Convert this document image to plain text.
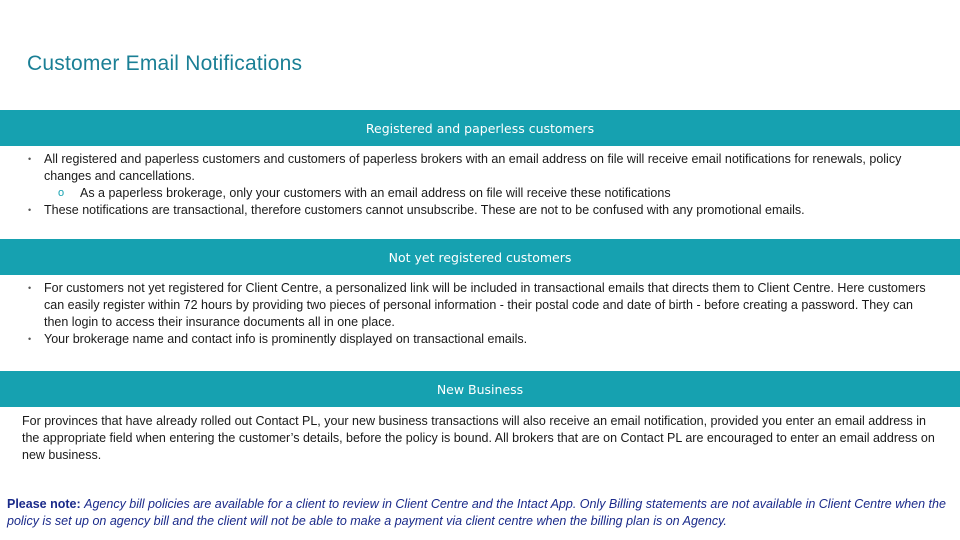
Customer Email Notifications
Registered and paperless customers
• All registered and paperless customers and customers of paperless brokers with an email address on file will receive email notifications for renewals, policy changes and cancellations.
o As a paperless brokerage, only your customers with an email address on file will receive these notifications
• These notifications are transactional, therefore customers cannot unsubscribe. These are not to be confused with any promotional emails.
Not yet registered customers
• For customers not yet registered for Client Centre, a personalized link will be included in transactional emails that directs them to Client Centre. Here customers can easily register within 72 hours by providing two pieces of personal information - their postal code and date of birth - before creating a password. They can then login to access their insurance documents all in one place.
• Your brokerage name and contact info is prominently displayed on transactional emails.
New Business
For provinces that have already rolled out Contact PL, your new business transactions will also receive an email notification, provided you enter an email address in the appropriate field when entering the customer’s details, before the policy is bound. All brokers that are on Contact PL are encouraged to enter an email address on new business.
Please note: Agency bill policies are available for a client to review in Client Centre and the Intact App. Only Billing statements are not available in Client Centre when the policy is set up on agency bill and the client will not be able to make a payment via client centre when the billing plan is on Agency.
